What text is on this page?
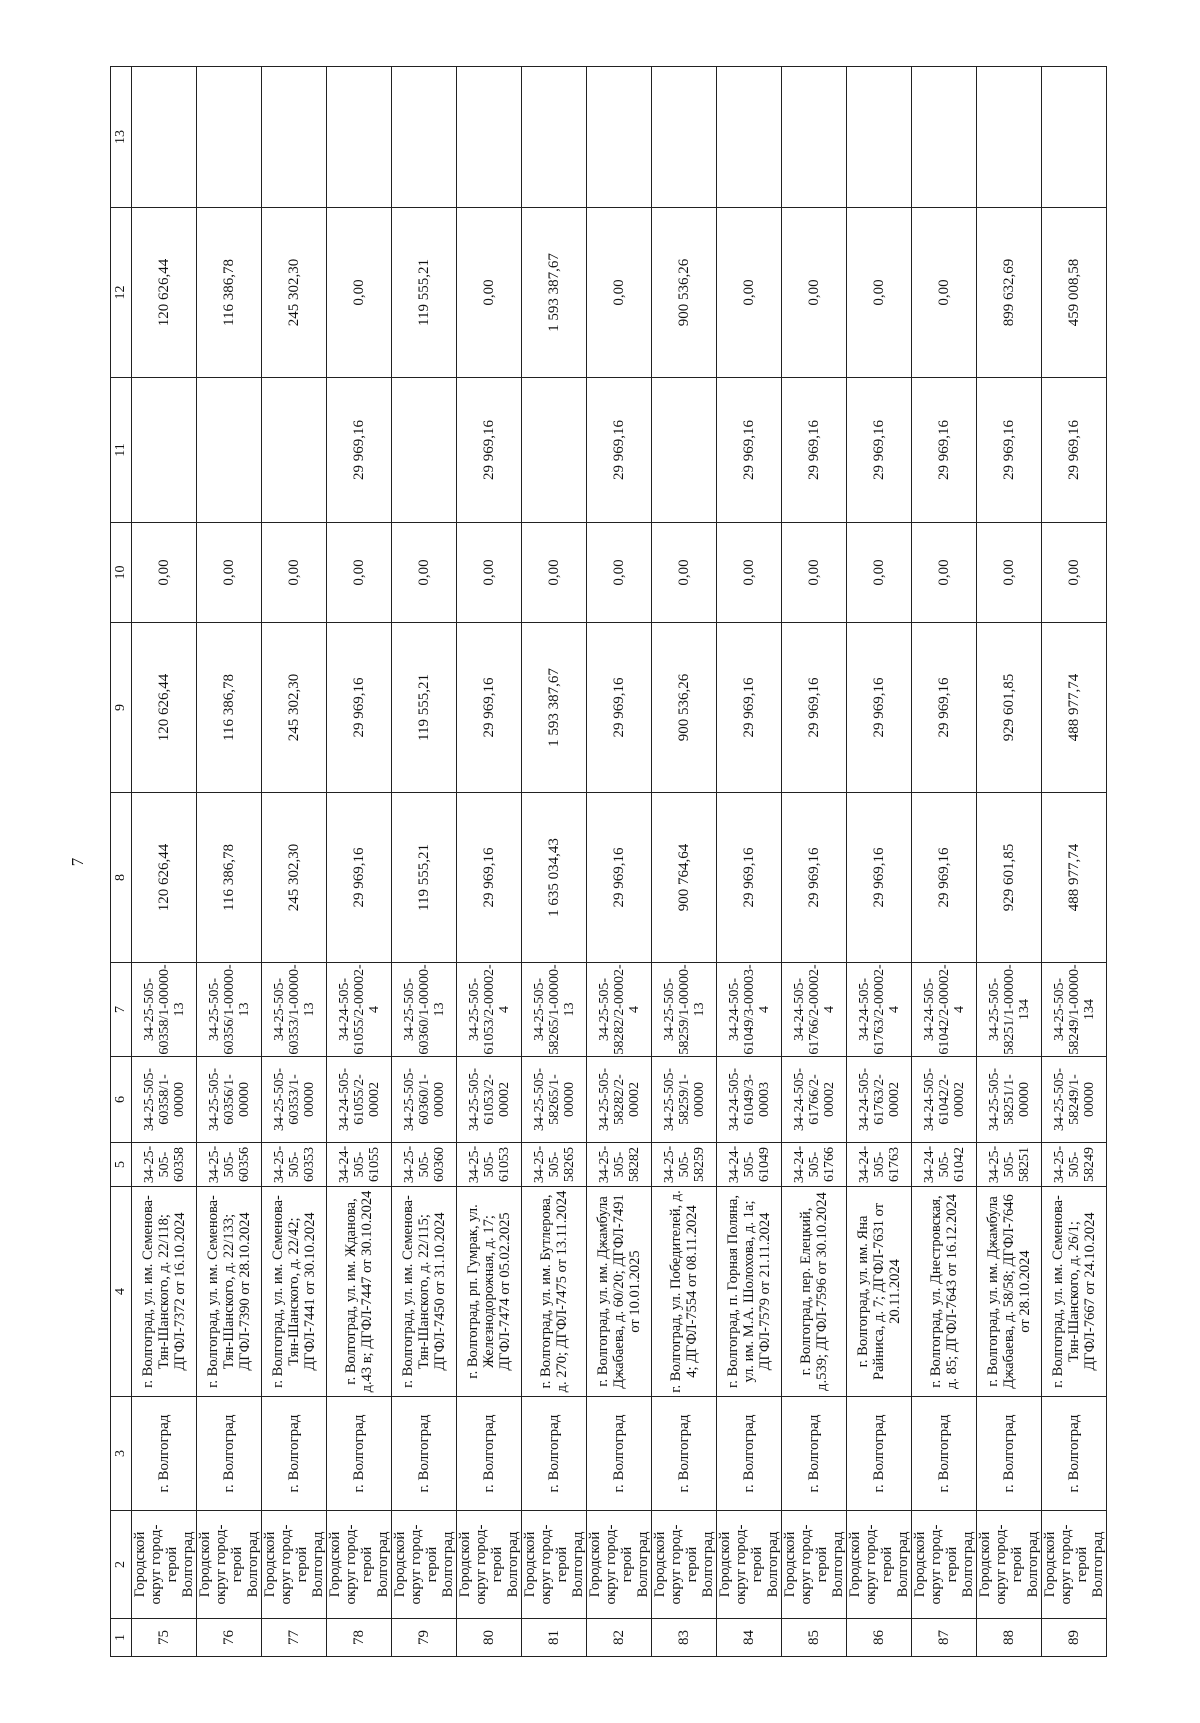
7
1	2	3	4	5	6	7	8	9	10	11	12	13
75	Городской округ город-герой Волгоград	г. Волгоград	г. Волгоград, ул. им. Семенова-Тян-Шанского, д. 22/118; ДГФЛ-7372 от 16.10.2024	34-25-505-60358	34-25-505-60358/1-00000	34-25-505-60358/1-00000-13	120 626,44	120 626,44	0,00		120 626,44	
76	Городской округ город-герой Волгоград	г. Волгоград	г. Волгоград, ул. им. Семенова-Тян-Шанского, д. 22/133; ДГФЛ-7390 от 28.10.2024	34-25-505-60356	34-25-505-60356/1-00000	34-25-505-60356/1-00000-13	116 386,78	116 386,78	0,00		116 386,78	
77	Городской округ город-герой Волгоград	г. Волгоград	г. Волгоград, ул. им. Семенова-Тян-Шанского, д. 22/42; ДГФЛ-7441 от 30.10.2024	34-25-505-60353	34-25-505-60353/1-00000	34-25-505-60353/1-00000-13	245 302,30	245 302,30	0,00		245 302,30	
78	Городской округ город-герой Волгоград	г. Волгоград	г. Волгоград, ул. им. Жданова, д.43 в; ДГФЛ-7447 от 30.10.2024	34-24-505-61055	34-24-505-61055/2-00002	34-24-505-61055/2-00002-4	29 969,16	29 969,16	0,00	29 969,16	0,00	
79	Городской округ город-герой Волгоград	г. Волгоград	г. Волгоград, ул. им. Семенова-Тян-Шанского, д. 22/115; ДГФЛ-7450 от 31.10.2024	34-25-505-60360	34-25-505-60360/1-00000	34-25-505-60360/1-00000-13	119 555,21	119 555,21	0,00		119 555,21	
80	Городской округ город-герой Волгоград	г. Волгоград	г. Волгоград, рп. Гумрак, ул. Железнодорожная, д. 17; ДГФЛ-7474 от 05.02.2025	34-25-505-61053	34-25-505-61053/2-00002	34-25-505-61053/2-00002-4	29 969,16	29 969,16	0,00	29 969,16	0,00	
81	Городской округ город-герой Волгоград	г. Волгоград	г. Волгоград, ул. им. Бутлерова, д. 270; ДГФЛ-7475 от 13.11.2024	34-25-505-58265	34-25-505-58265/1-00000	34-25-505-58265/1-00000-13	1 635 034,43	1 593 387,67	0,00		1 593 387,67	
82	Городской округ город-герой Волгоград	г. Волгоград	г. Волгоград, ул. им. Джамбула Джабаева, д. 60/20; ДГФЛ-7491 от 10.01.2025	34-25-505-58282	34-25-505-58282/2-00002	34-25-505-58282/2-00002-4	29 969,16	29 969,16	0,00	29 969,16	0,00	
83	Городской округ город-герой Волгоград	г. Волгоград	г. Волгоград, ул. Победителей, д. 4; ДГФЛ-7554 от 08.11.2024	34-25-505-58259	34-25-505-58259/1-00000	34-25-505-58259/1-00000-13	900 764,64	900 536,26	0,00		900 536,26	
84	Городской округ город-герой Волгоград	г. Волгоград	г. Волгоград, п. Горная Поляна, ул. им. М.А. Шолохова, д. 1а; ДГФЛ-7579 от 21.11.2024	34-24-505-61049	34-24-505-61049/3-00003	34-24-505-61049/3-00003-4	29 969,16	29 969,16	0,00	29 969,16	0,00	
85	Городской округ город-герой Волгоград	г. Волгоград	г. Волгоград, пер. Елецкий, д.539; ДГФЛ-7596 от 30.10.2024	34-24-505-61766	34-24-505-61766/2-00002	34-24-505-61766/2-00002-4	29 969,16	29 969,16	0,00	29 969,16	0,00	
86	Городской округ город-герой Волгоград	г. Волгоград	г. Волгоград, ул. им. Яна Райниса, д. 7; ДГФЛ-7631 от 20.11.2024	34-24-505-61763	34-24-505-61763/2-00002	34-24-505-61763/2-00002-4	29 969,16	29 969,16	0,00	29 969,16	0,00	
87	Городской округ город-герой Волгоград	г. Волгоград	г. Волгоград, ул. Днестровская, д. 85; ДГФЛ-7643 от 16.12.2024	34-24-505-61042	34-24-505-61042/2-00002	34-24-505-61042/2-00002-4	29 969,16	29 969,16	0,00	29 969,16	0,00	
88	Городской округ город-герой Волгоград	г. Волгоград	г. Волгоград, ул. им. Джамбула Джабаева, д. 58/58; ДГФЛ-7646 от 28.10.2024	34-25-505-58251	34-25-505-58251/1-00000	34-25-505-58251/1-00000-134	929 601,85	929 601,85	0,00	29 969,16	899 632,69	
89	Городской округ город-герой Волгоград	г. Волгоград	г. Волгоград, ул. им. Семенова-Тян-Шанского, д. 26/1; ДГФЛ-7667 от 24.10.2024	34-25-505-58249	34-25-505-58249/1-00000	34-25-505-58249/1-00000-134	488 977,74	488 977,74	0,00	29 969,16	459 008,58	
